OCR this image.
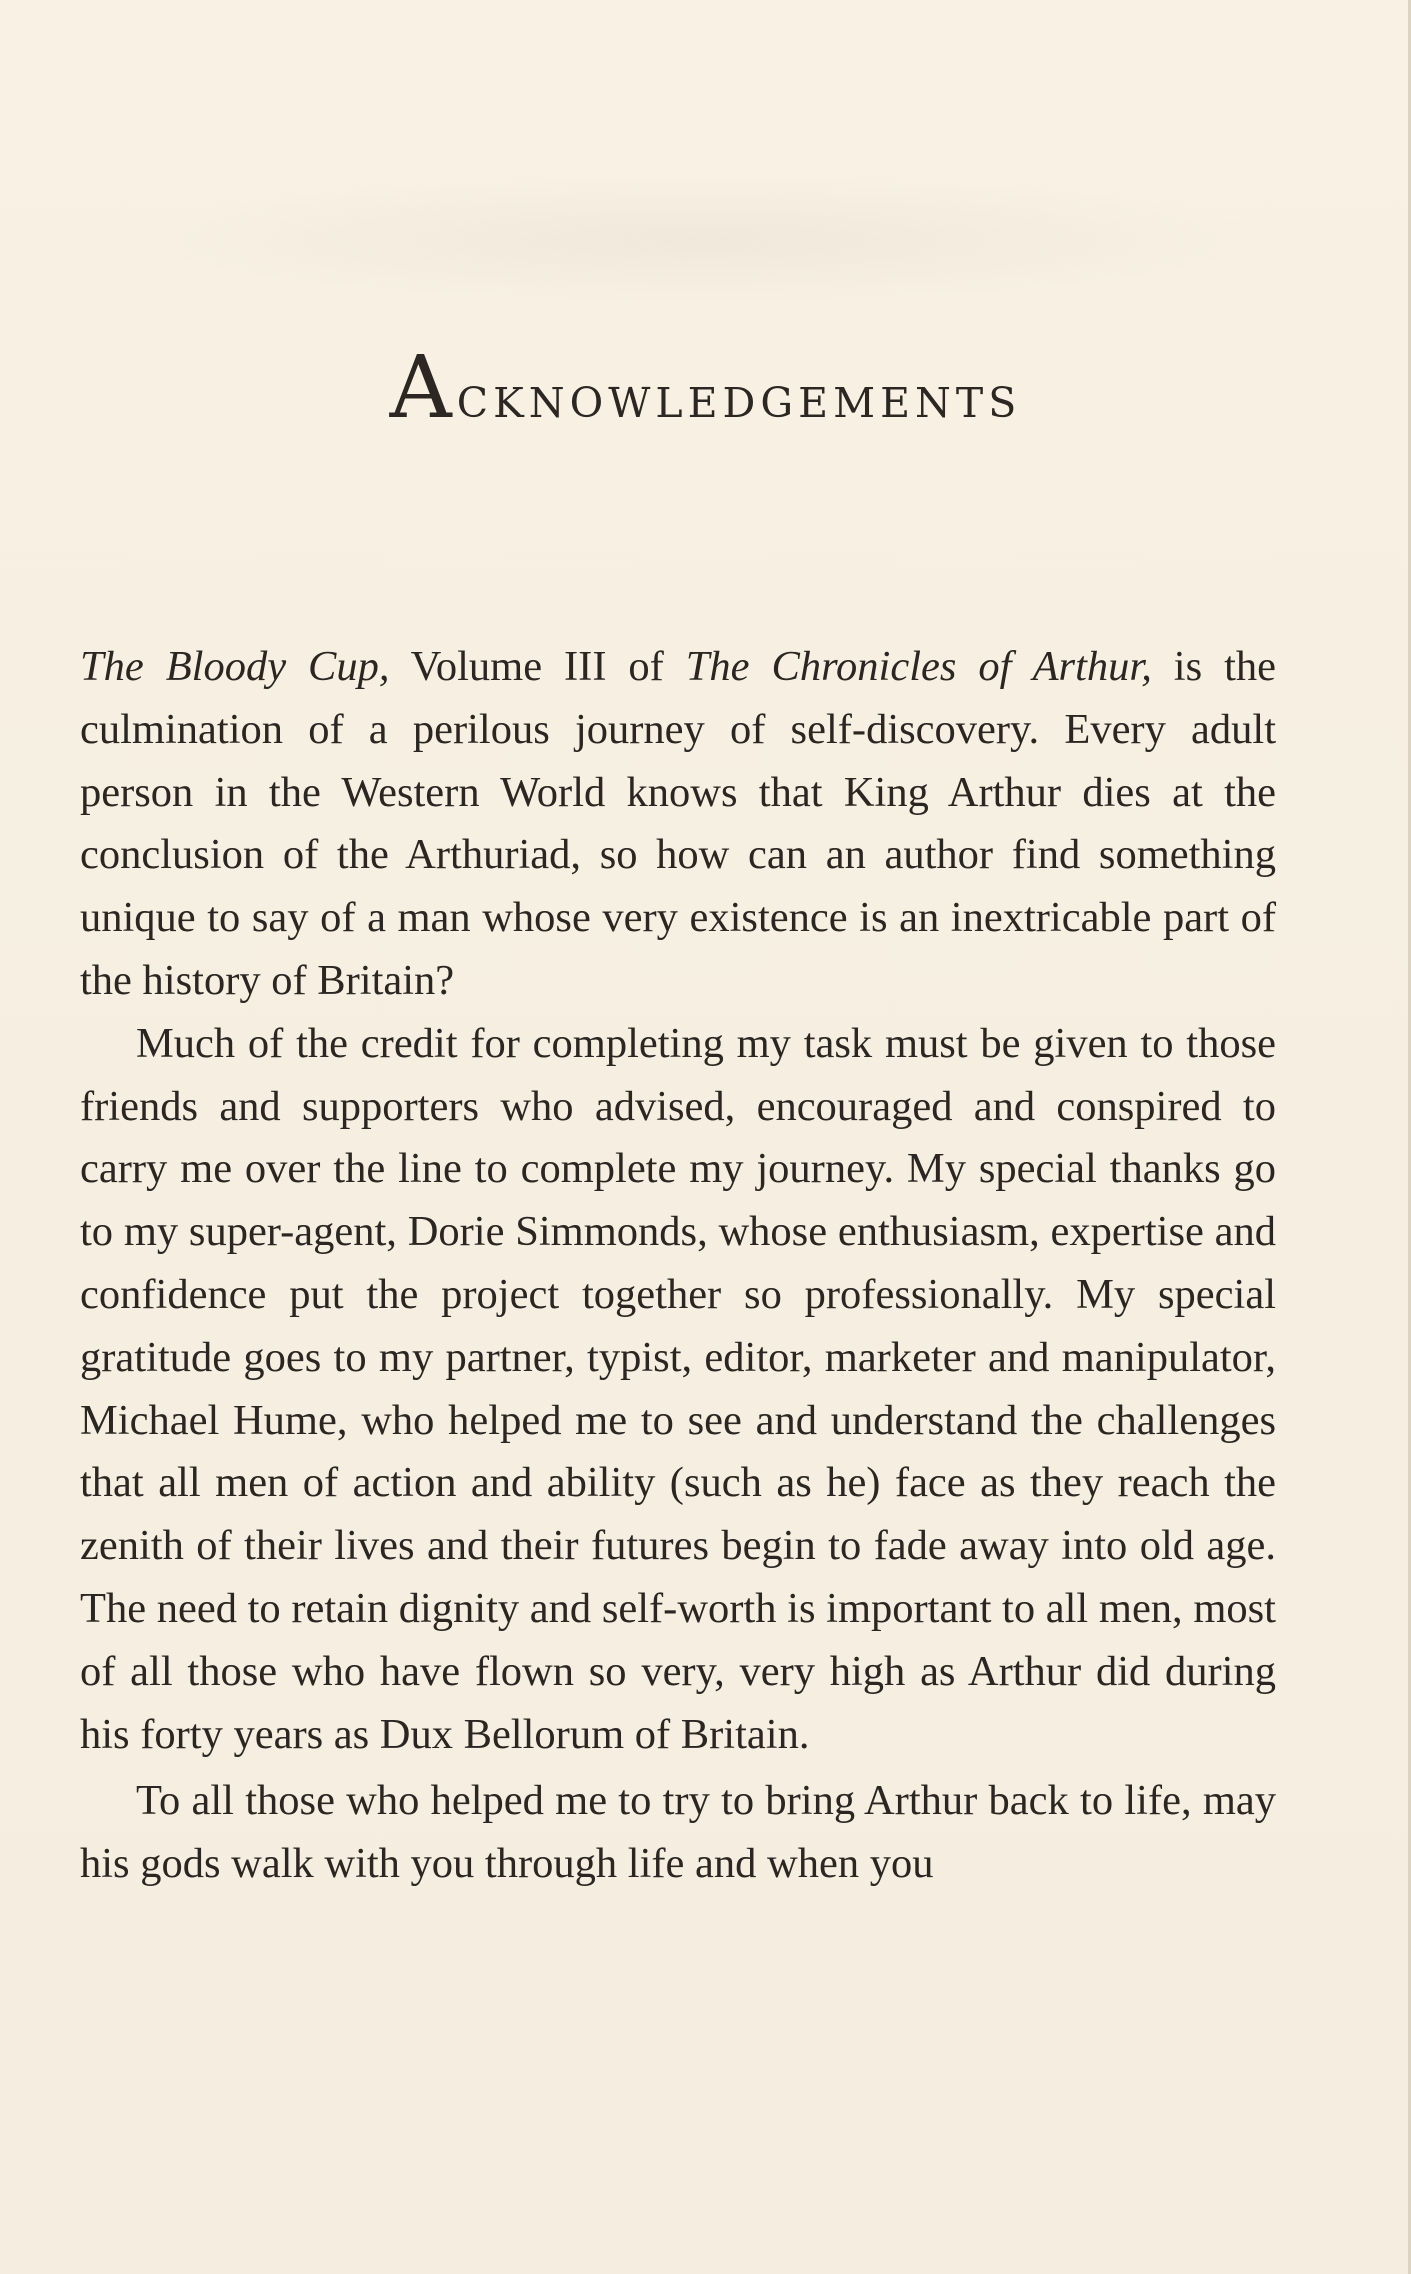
Acknowledgements

The Bloody Cup, Volume III of The Chronicles of Arthur, is the culmination of a perilous journey of self-discovery. Every adult person in the Western World knows that King Arthur dies at the conclusion of the Arthuriad, so how can an author find something unique to say of a man whose very existence is an inextricable part of the history of Britain?

Much of the credit for completing my task must be given to those friends and supporters who advised, encouraged and conspired to carry me over the line to complete my journey. My special thanks go to my super-agent, Dorie Simmonds, whose enthusiasm, expertise and confidence put the project together so professionally. My special gratitude goes to my partner, typist, editor, marketer and manipulator, Michael Hume, who helped me to see and understand the challenges that all men of action and ability (such as he) face as they reach the zenith of their lives and their futures begin to fade away into old age. The need to retain dignity and self-worth is important to all men, most of all those who have flown so very, very high as Arthur did during his forty years as Dux Bellorum of Britain.

To all those who helped me to try to bring Arthur back to life, may his gods walk with you through life and when you
